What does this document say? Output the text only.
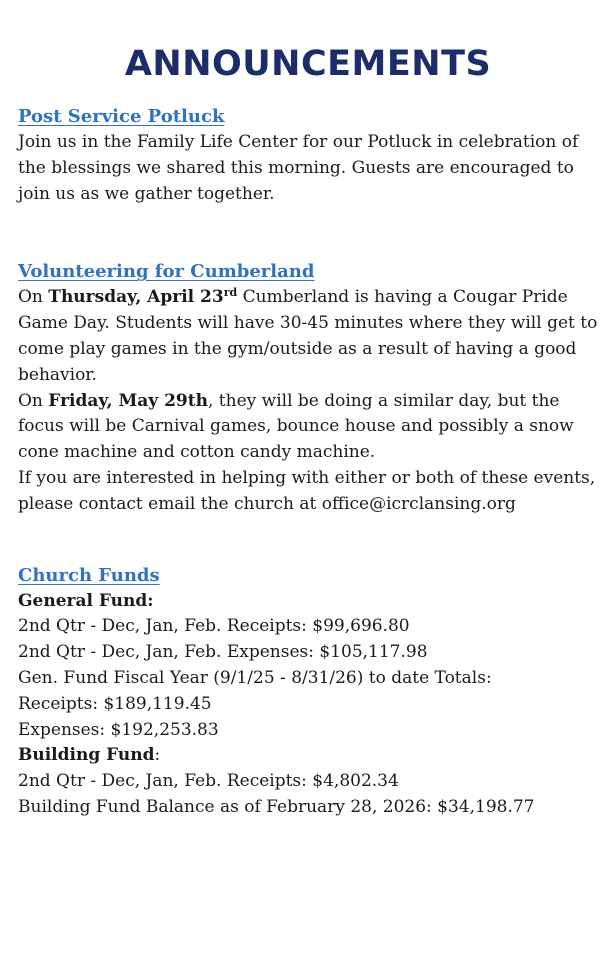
ANNOUNCEMENTS
Post Service Potluck
Join us in the Family Life Center for our Potluck in celebration of the blessings we shared this morning. Guests are encouraged to join us as we gather together.
Volunteering for Cumberland
On Thursday, April 23rd Cumberland is having a Cougar Pride Game Day. Students will have 30-45 minutes where they will get to come play games in the gym/outside as a result of having a good behavior.
On Friday, May 29th, they will be doing a similar day, but the focus will be Carnival games, bounce house and possibly a snow cone machine and cotton candy machine.
If you are interested in helping with either or both of these events, please contact email the church at office@icrclansing.org
Church Funds
General Fund:
2nd Qtr - Dec, Jan, Feb. Receipts: $99,696.80
2nd Qtr - Dec, Jan, Feb. Expenses: $105,117.98
Gen. Fund Fiscal Year (9/1/25 - 8/31/26) to date Totals:
Receipts: $189,119.45
Expenses: $192,253.83
Building Fund:
2nd Qtr - Dec, Jan, Feb. Receipts: $4,802.34
Building Fund Balance as of February 28, 2026: $34,198.77
